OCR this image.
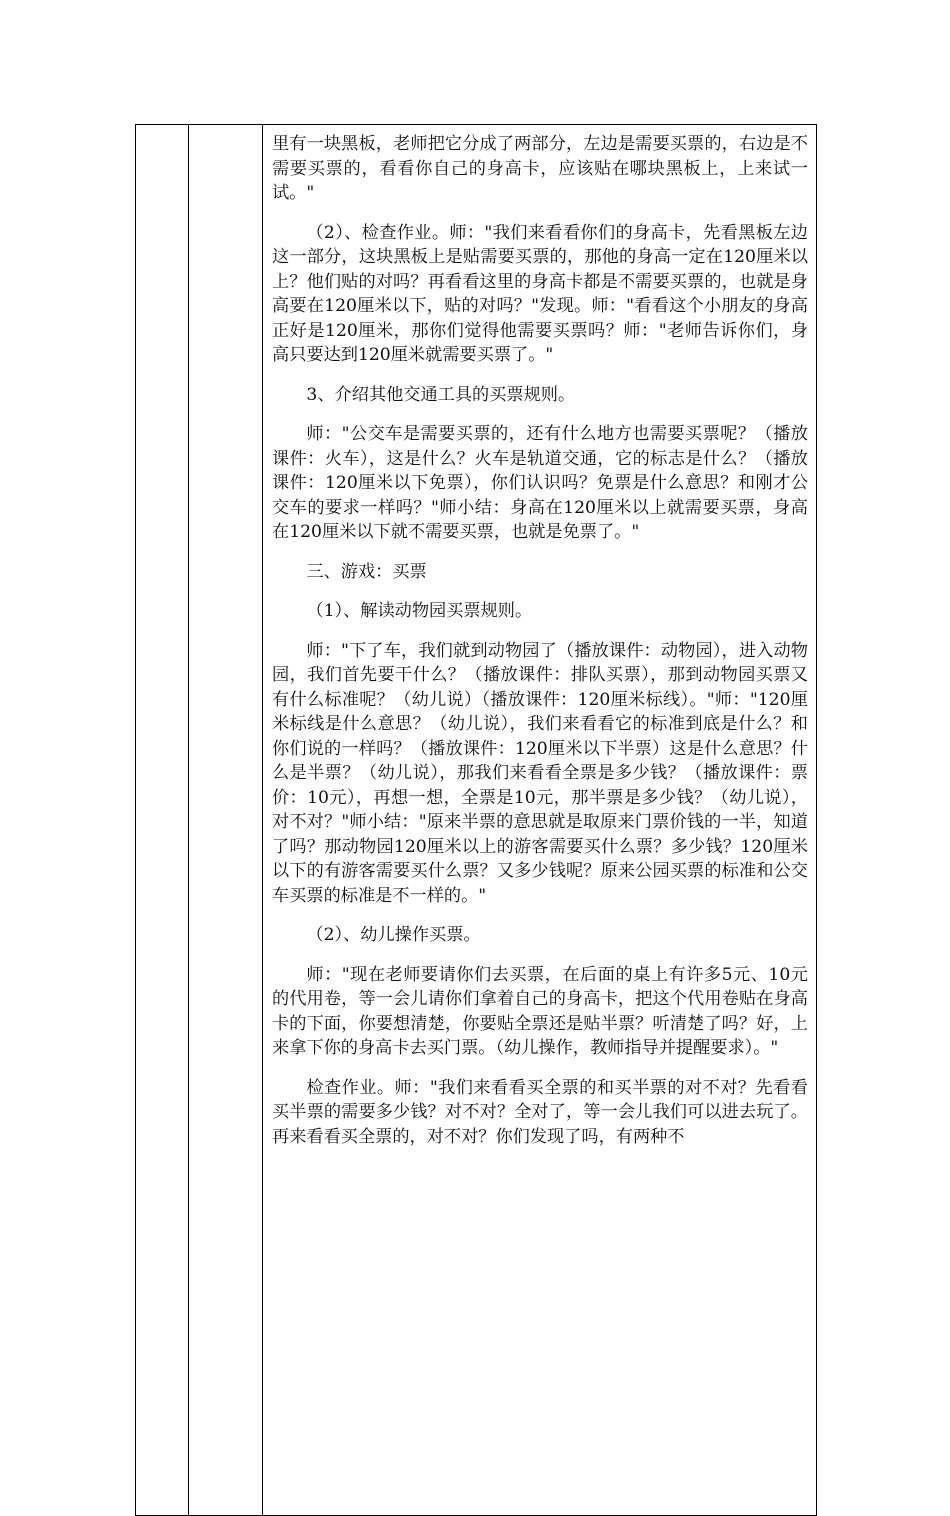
里有一块黑板，老师把它分成了两部分，左边是需要买票的，右边是不需要买票的，看看你自己的身高卡，应该贴在哪块黑板上，上来试一试。"

（2）、检查作业。师："我们来看看你们的身高卡，先看黑板左边这一部分，这块黑板上是贴需要买票的，那他的身高一定在120厘米以上？他们贴的对吗？再看看这里的身高卡都是不需要买票的，也就是身高要在120厘米以下，贴的对吗？"发现。师："看看这个小朋友的身高正好是120厘米，那你们觉得他需要买票吗？师："老师告诉你们，身高只要达到120厘米就需要买票了。"

3、介绍其他交通工具的买票规则。

师："公交车是需要买票的，还有什么地方也需要买票呢？（播放课件：火车），这是什么？火车是轨道交通，它的标志是什么？（播放课件：120厘米以下免票），你们认识吗？免票是什么意思？和刚才公交车的要求一样吗？"师小结：身高在120厘米以上就需要买票，身高在120厘米以下就不需要买票，也就是免票了。"

三、游戏：买票

（1）、解读动物园买票规则。

师："下了车，我们就到动物园了（播放课件：动物园），进入动物园，我们首先要干什么？（播放课件：排队买票），那到动物园买票又有什么标准呢？（幼儿说）（播放课件：120厘米标线）。"师："120厘米标线是什么意思？（幼儿说），我们来看看它的标准到底是什么？和你们说的一样吗？（播放课件：120厘米以下半票）这是什么意思？什么是半票？（幼儿说），那我们来看看全票是多少钱？（播放课件：票价：10元），再想一想，全票是10元，那半票是多少钱？（幼儿说），对不对？"师小结："原来半票的意思就是取原来门票价钱的一半，知道了吗？那动物园120厘米以上的游客需要买什么票？多少钱？120厘米以下的有游客需要买什么票？又多少钱呢？原来公园买票的标准和公交车买票的标准是不一样的。"

（2）、幼儿操作买票。

师："现在老师要请你们去买票，在后面的桌上有许多5元、10元的代用卷，等一会儿请你们拿着自己的身高卡，把这个代用卷贴在身高卡的下面，你要想清楚，你要贴全票还是贴半票？听清楚了吗？好，上来拿下你的身高卡去买门票。（幼儿操作，教师指导并提醒要求）。"

检查作业。师："我们来看看买全票的和买半票的对不对？先看看买半票的需要多少钱？对不对？全对了，等一会儿我们可以进去玩了。再来看看买全票的，对不对？你们发现了吗，有两种不
